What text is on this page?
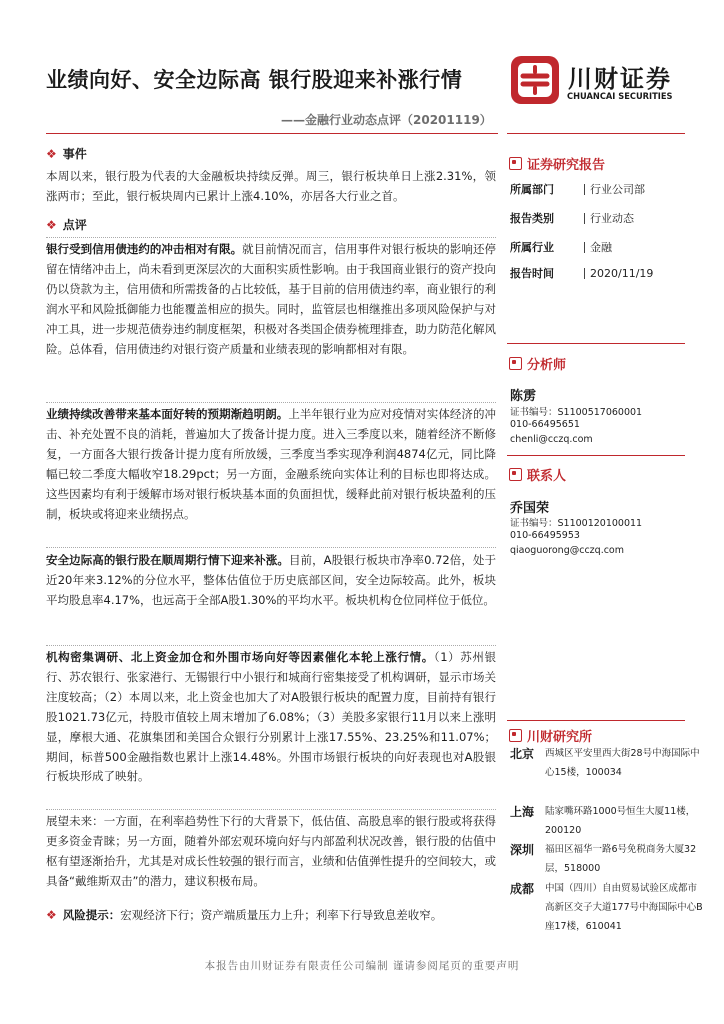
业绩向好、安全边际高 银行股迎来补涨行情
——金融行业动态点评（20201119）
川财证券
CHUANCAI SECURITIES
❖ 事件
本周以来，银行股为代表的大金融板块持续反弹。周三，银行板块单日上涨2.31%，领涨两市；至此，银行板块周内已累计上涨4.10%，亦居各大行业之首。
❖ 点评
银行受到信用债违约的冲击相对有限。就目前情况而言，信用事件对银行板块的影响还停留在情绪冲击上，尚未看到更深层次的大面积实质性影响。由于我国商业银行的资产投向仍以贷款为主，信用债和所需拨备的占比较低，基于目前的信用债违约率，商业银行的利润水平和风险抵御能力也能覆盖相应的损失。同时，监管层也相继推出多项风险保护与对冲工具，进一步规范债券违约制度框架，积极对各类国企债券梳理排查，助力防范化解风险。总体看，信用债违约对银行资产质量和业绩表现的影响都相对有限。
业绩持续改善带来基本面好转的预期渐趋明朗。上半年银行业为应对疫情对实体经济的冲击、补充处置不良的消耗，普遍加大了拨备计提力度。进入三季度以来，随着经济不断修复，一方面各大银行拨备计提力度有所放缓，三季度当季实现净利润4874亿元，同比降幅已较二季度大幅收窄18.29pct；另一方面，金融系统向实体让利的目标也即将达成。这些因素均有利于缓解市场对银行板块基本面的负面担忧，缓释此前对银行板块盈利的压制，板块或将迎来业绩拐点。
安全边际高的银行股在顺周期行情下迎来补涨。目前，A股银行板块市净率0.72倍，处于近20年来3.12%的分位水平，整体估值位于历史底部区间，安全边际较高。此外，板块平均股息率4.17%，也远高于全部A股1.30%的平均水平。板块机构仓位同样位于低位。
机构密集调研、北上资金加仓和外围市场向好等因素催化本轮上涨行情。（1）苏州银行、苏农银行、张家港行、无锡银行中小银行和城商行密集接受了机构调研，显示市场关注度较高；（2）本周以来，北上资金也加大了对A股银行板块的配置力度，目前持有银行股1021.73亿元，持股市值较上周末增加了6.08%；（3）美股多家银行11月以来上涨明显，摩根大通、花旗集团和美国合众银行分别累计上涨17.55%、23.25%和11.07%；期间，标普500金融指数也累计上涨14.48%。外围市场银行板块的向好表现也对A股银行板块形成了映射。
展望未来：一方面，在利率趋势性下行的大背景下，低估值、高股息率的银行股或将获得更多资金青睐；另一方面，随着外部宏观环境向好与内部盈利状况改善，银行股的估值中枢有望逐渐抬升，尤其是对成长性较强的银行而言，业绩和估值弹性提升的空间较大，或具备“戴维斯双击”的潜力，建议积极布局。
❖ 风险提示：宏观经济下行；资产端质量压力上升；利率下行导致息差收窄。
证券研究报告
所属部门	行业公司部
报告类别	行业动态
所属行业	金融
报告时间	2020/11/19
分析师
陈雳
证书编号：S1100517060001
010-66495651
chenli@cczq.com
联系人
乔国荣
证书编号：S1100120100011
010-66495953
qiaoguorong@cczq.com
川财研究所
北京 西城区平安里西大街28号中海国际中心15楼，100034
上海 陆家嘴环路1000号恒生大厦11楼，200120
深圳 福田区福华一路6号免税商务大厦32层，518000
成都 中国（四川）自由贸易试验区成都市高新区交子大道177号中海国际中心B座17楼，610041
本报告由川财证券有限责任公司编制 谨请参阅尾页的重要声明
